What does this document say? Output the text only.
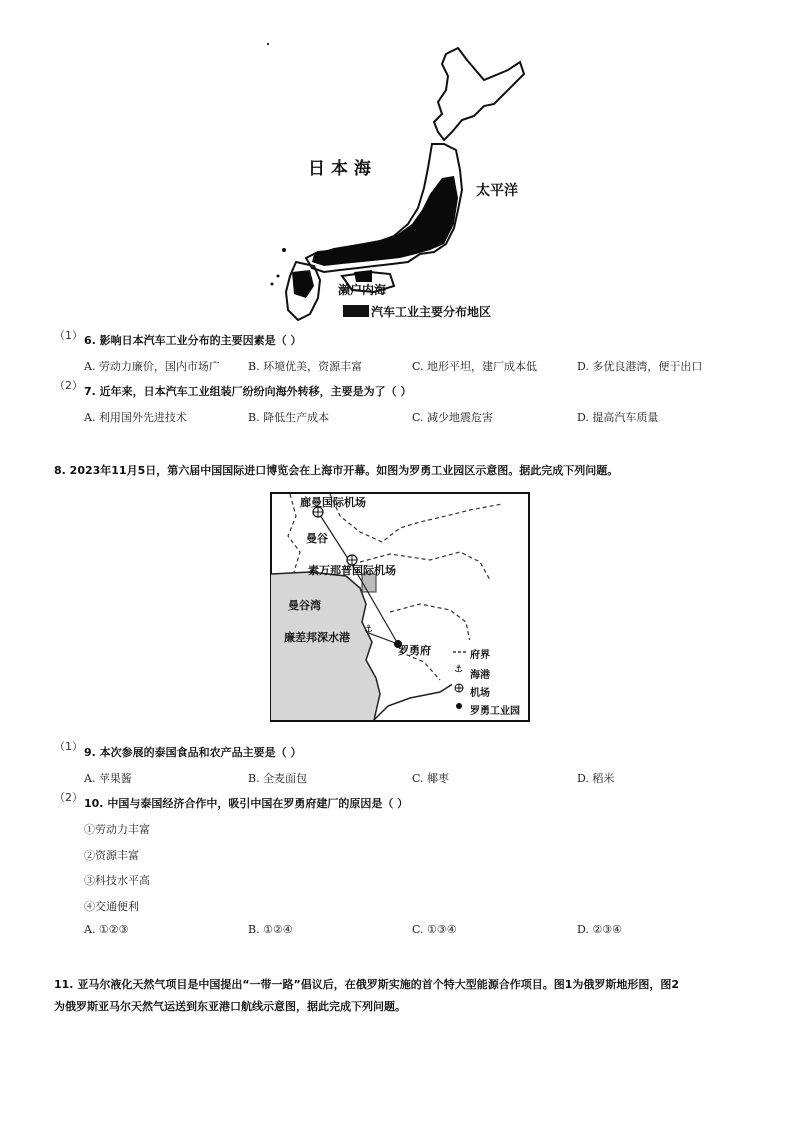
日 本 海
太平洋
濑户内海
汽车工业主要分布地区
（1） 6. 影响日本汽车工业分布的主要因素是（ ）
A. 劳动力廉价，国内市场广	B. 环境优美，资源丰富	C. 地形平坦，建厂成本低	D. 多优良港湾，便于出口
（2） 7. 近年来，日本汽车工业组装厂纷纷向海外转移，主要是为了（ ）
A. 利用国外先进技术	B. 降低生产成本	C. 减少地震危害	D. 提高汽车质量
8. 2023年11月5日，第六届中国国际进口博览会在上海市开幕。如图为罗勇工业园区示意图。据此完成下列问题。
⚓
⚓
廊曼国际机场
曼谷
素万那普国际机场
曼谷湾
廉差邦深水港
罗勇府	府界
海港
机场
罗勇工业园
（1） 9. 本次参展的泰国食品和农产品主要是（ ）
A. 苹果酱	B. 全麦面包	C. 椰枣	D. 稻米
（2） 10. 中国与泰国经济合作中，吸引中国在罗勇府建厂的原因是（ ）
①劳动力丰富
②资源丰富
③科技水平高
④交通便利
A. ①②③	B. ①②④	C. ①③④	D. ②③④
11. 亚马尔液化天然气项目是中国提出“一带一路”倡议后，在俄罗斯实施的首个特大型能源合作项目。图1为俄罗斯地形图，图2
为俄罗斯亚马尔天然气运送到东亚港口航线示意图，据此完成下列问题。
